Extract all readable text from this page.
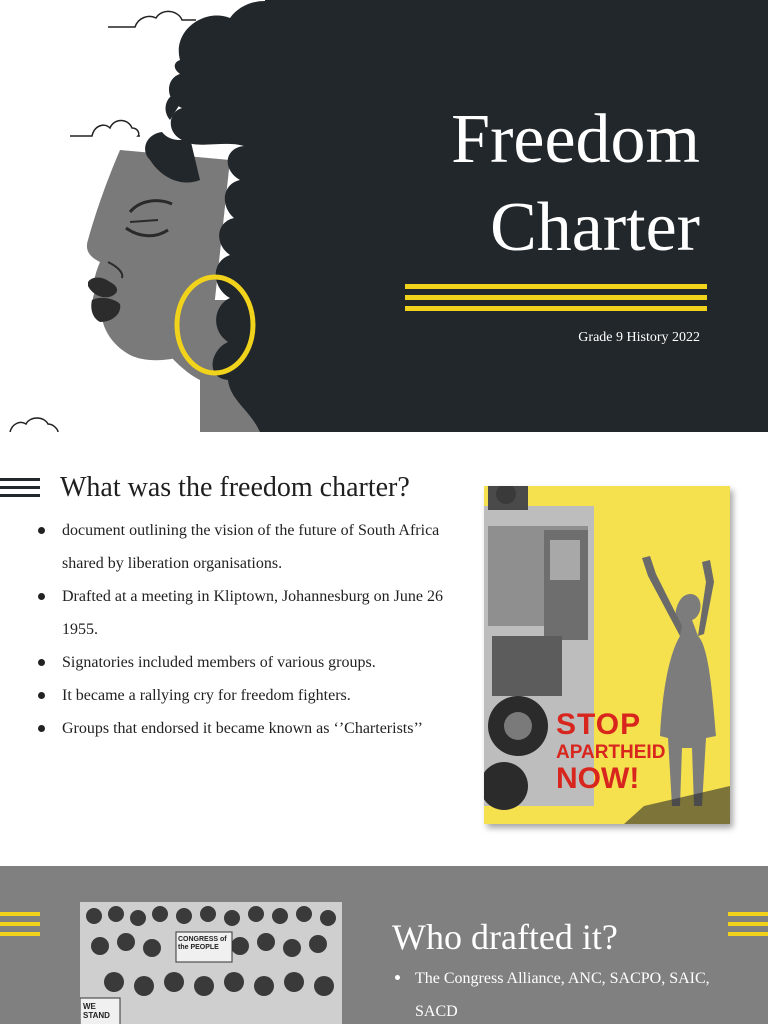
Freedom
Charter
Grade 9 History 2022
What was the freedom charter?
document outlining the vision of the future of South Africa shared by liberation organisations.
Drafted at a meeting in Kliptown, Johannesburg on June 26 1955.
Signatories included members of various groups.
It became a rallying cry for freedom fighters.
Groups that endorsed it became known as ‘’Charterists’’	STOP
APARTHEID
NOW!
CONGRESS of the PEOPLE
WE STAND
Who drafted it?
The Congress Alliance, ANC, SACPO, SAIC, SACD
